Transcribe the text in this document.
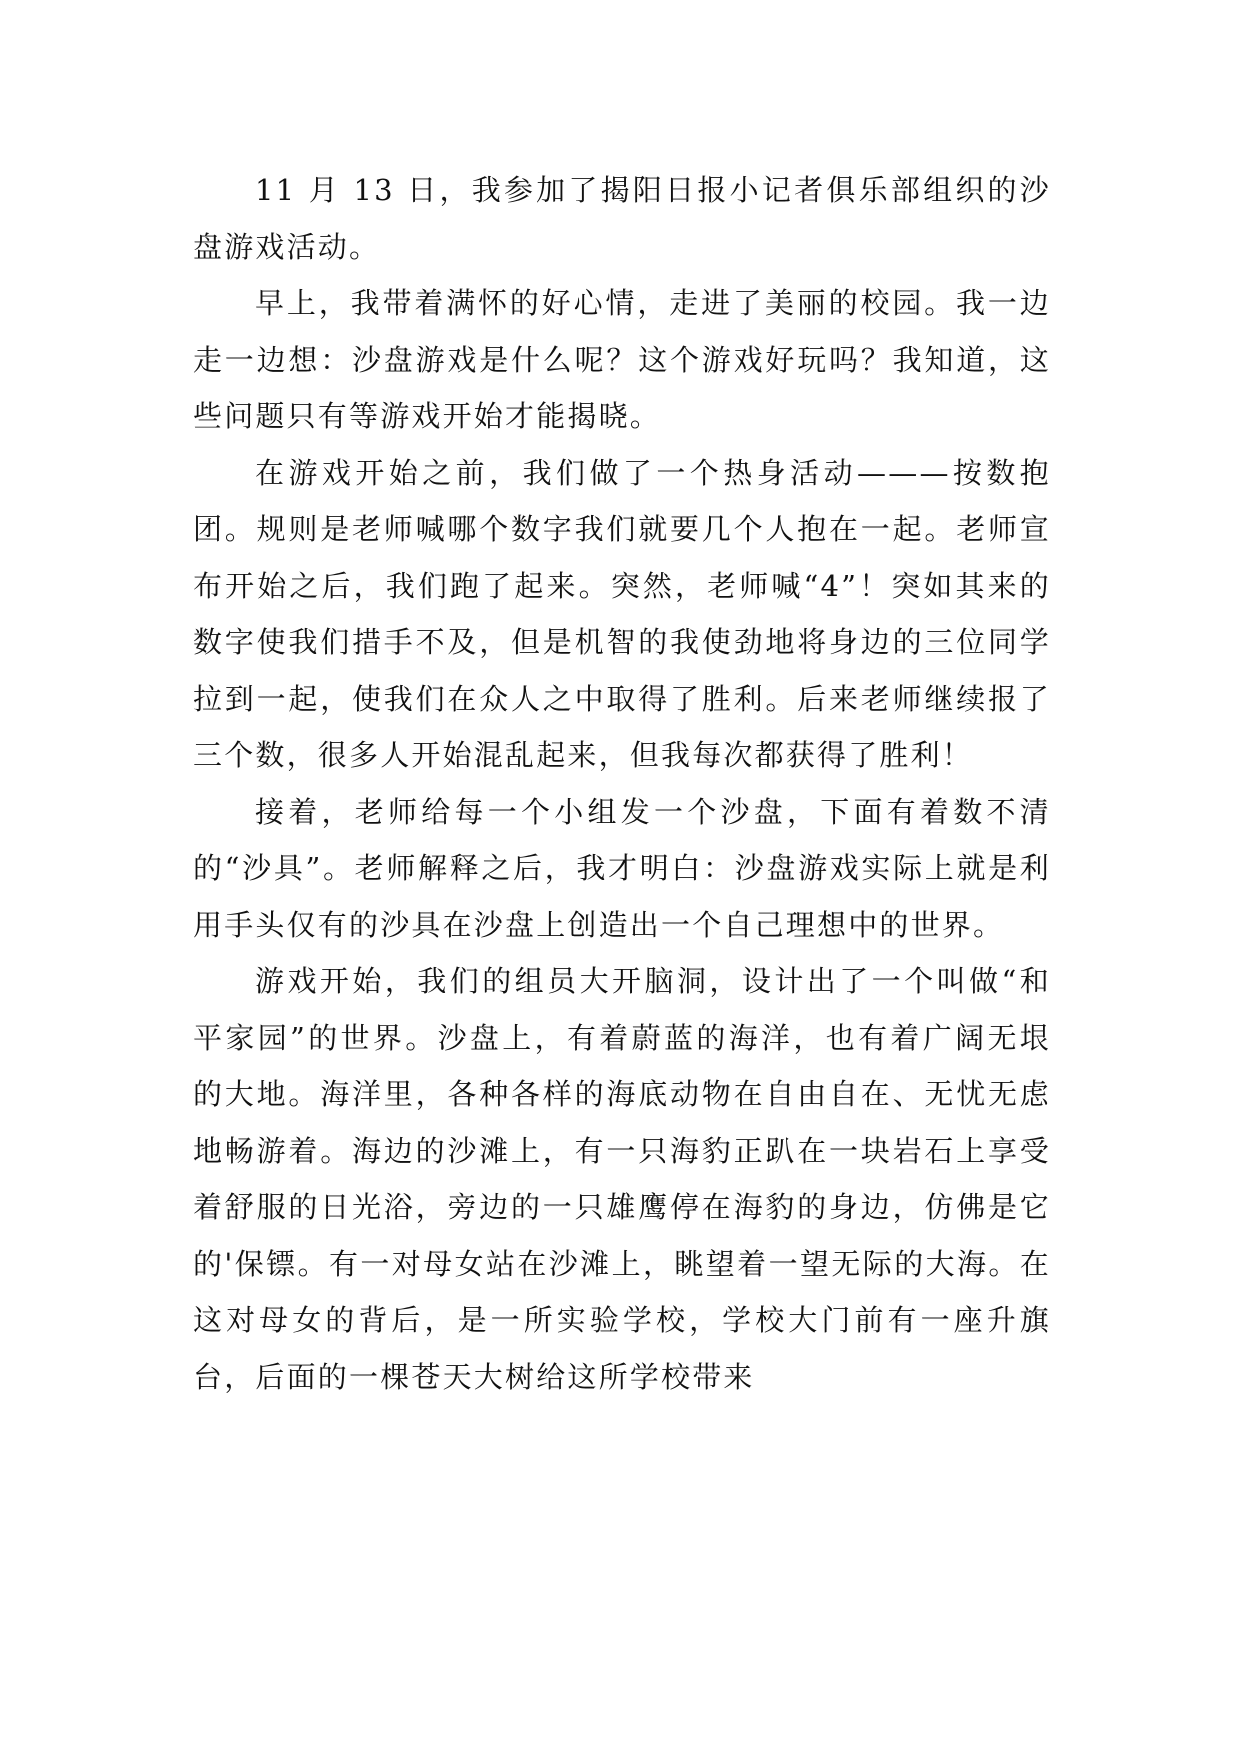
11 月 13 日，我参加了揭阳日报小记者俱乐部组织的沙盘游戏活动。

早上，我带着满怀的好心情，走进了美丽的校园。我一边走一边想：沙盘游戏是什么呢？这个游戏好玩吗？我知道，这些问题只有等游戏开始才能揭晓。

在游戏开始之前，我们做了一个热身活动———按数抱团。规则是老师喊哪个数字我们就要几个人抱在一起。老师宣布开始之后，我们跑了起来。突然，老师喊“4”！突如其来的数字使我们措手不及，但是机智的我使劲地将身边的三位同学拉到一起，使我们在众人之中取得了胜利。后来老师继续报了三个数，很多人开始混乱起来，但我每次都获得了胜利！

接着，老师给每一个小组发一个沙盘，下面有着数不清的“沙具”。老师解释之后，我才明白：沙盘游戏实际上就是利用手头仅有的沙具在沙盘上创造出一个自己理想中的世界。

游戏开始，我们的组员大开脑洞，设计出了一个叫做“和平家园”的世界。沙盘上，有着蔚蓝的海洋，也有着广阔无垠的大地。海洋里，各种各样的海底动物在自由自在、无忧无虑地畅游着。海边的沙滩上，有一只海豹正趴在一块岩石上享受着舒服的日光浴，旁边的一只雄鹰停在海豹的身边，仿佛是它的'保镖。有一对母女站在沙滩上，眺望着一望无际的大海。在这对母女的背后，是一所实验学校，学校大门前有一座升旗台，后面的一棵苍天大树给这所学校带来
